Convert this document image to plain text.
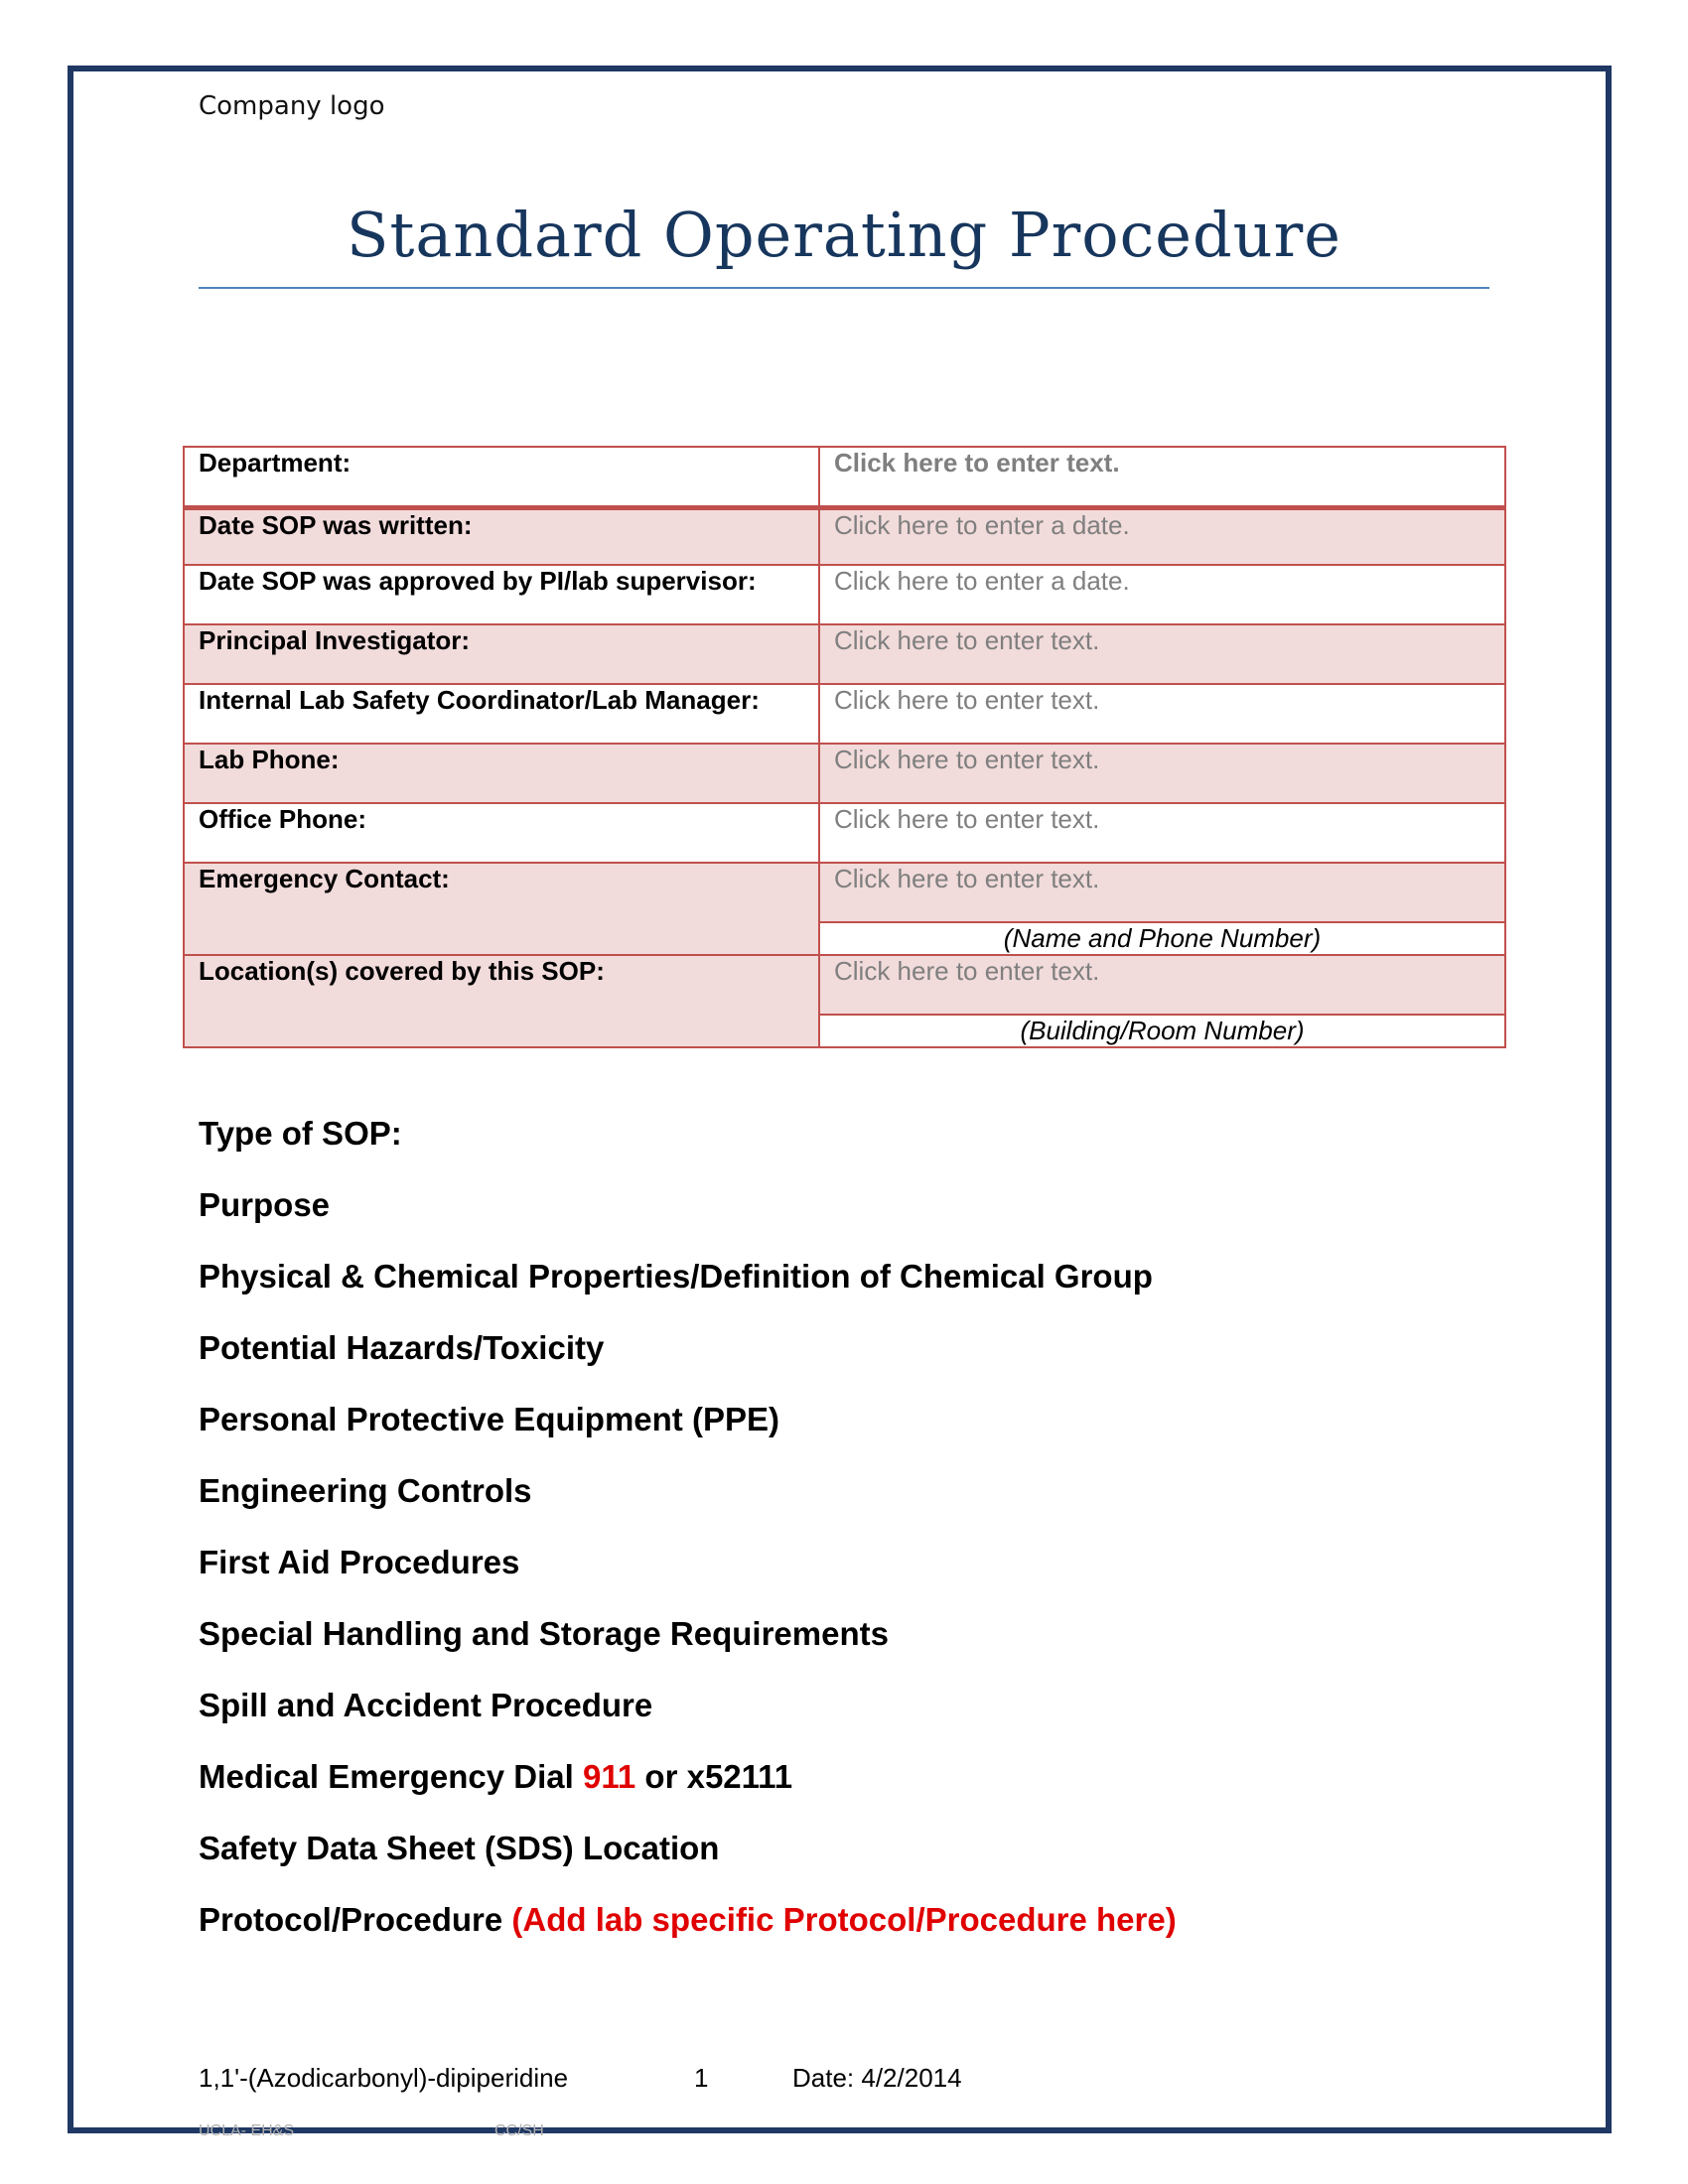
Company logo
Standard Operating Procedure
Department:	Click here to enter text.
Date SOP was written:	Click here to enter a date.
Date SOP was approved by PI/lab supervisor:	Click here to enter a date.
Principal Investigator:	Click here to enter text.
Internal Lab Safety Coordinator/Lab Manager:	Click here to enter text.
Lab Phone:	Click here to enter text.
Office Phone:	Click here to enter text.
Emergency Contact:	Click here to enter text.
	(Name and Phone Number)
Location(s) covered by this SOP:	Click here to enter text.
	(Building/Room Number)
Type of SOP:
Purpose
Physical & Chemical Properties/Definition of Chemical Group
Potential Hazards/Toxicity
Personal Protective Equipment (PPE)
Engineering Controls
First Aid Procedures
Special Handling and Storage Requirements
Spill and Accident Procedure
Medical Emergency Dial 911 or x52111
Safety Data Sheet (SDS) Location
Protocol/Procedure (Add lab specific Protocol/Procedure here)
1,1'-(Azodicarbonyl)-dipiperidine	1	Date: 4/2/2014
UCLA- EH&S	CC/SH
